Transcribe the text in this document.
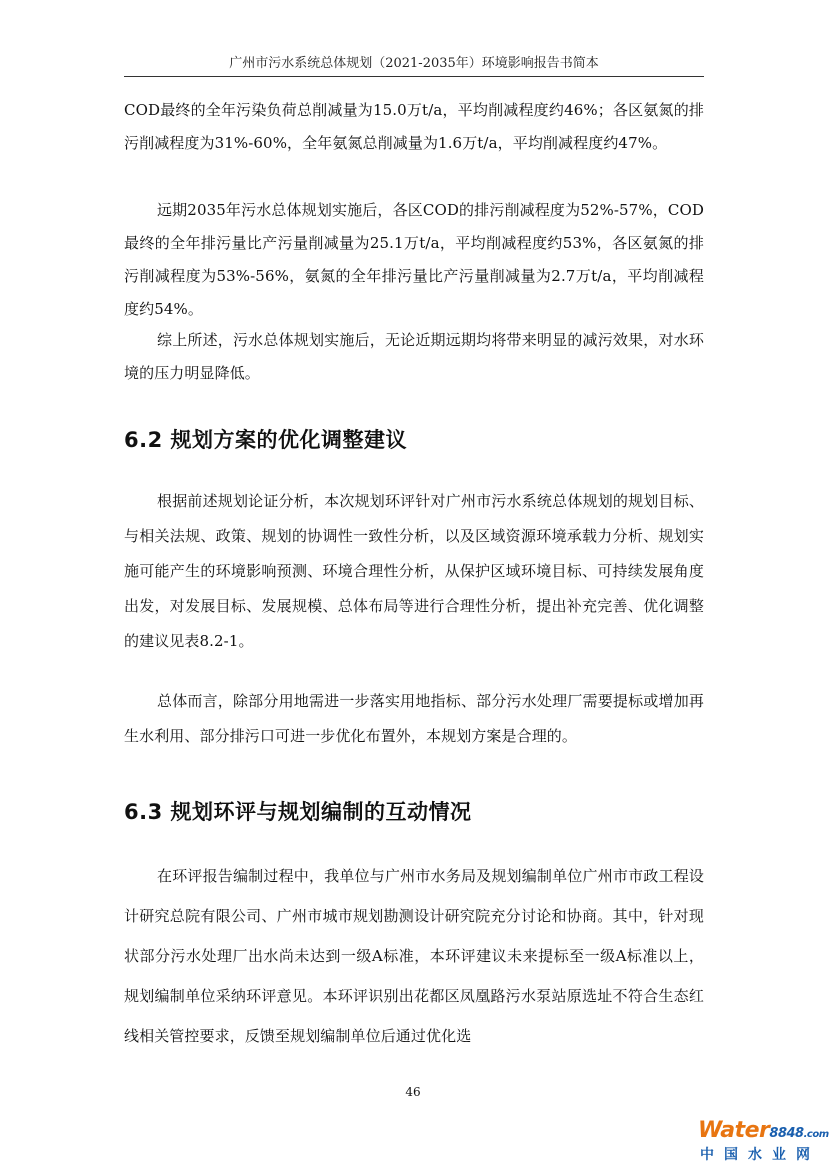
广州市污水系统总体规划（2021-2035年）环境影响报告书简本

COD最终的全年污染负荷总削减量为15.0万t/a，平均削减程度约46%；各区氨氮的排污削减程度为31%-60%，全年氨氮总削减量为1.6万t/a，平均削减程度约47%。

远期2035年污水总体规划实施后，各区COD的排污削减程度为52%-57%，COD最终的全年排污量比产污量削减量为25.1万t/a，平均削减程度约53%，各区氨氮的排污削减程度为53%-56%，氨氮的全年排污量比产污量削减量为2.7万t/a，平均削减程度约54%。

综上所述，污水总体规划实施后，无论近期远期均将带来明显的减污效果，对水环境的压力明显降低。

6.2 规划方案的优化调整建议

根据前述规划论证分析，本次规划环评针对广州市污水系统总体规划的规划目标、与相关法规、政策、规划的协调性一致性分析，以及区域资源环境承载力分析、规划实施可能产生的环境影响预测、环境合理性分析，从保护区域环境目标、可持续发展角度出发，对发展目标、发展规模、总体布局等进行合理性分析，提出补充完善、优化调整的建议见表8.2-1。

总体而言，除部分用地需进一步落实用地指标、部分污水处理厂需要提标或增加再生水利用、部分排污口可进一步优化布置外，本规划方案是合理的。

6.3 规划环评与规划编制的互动情况

在环评报告编制过程中，我单位与广州市水务局及规划编制单位广州市市政工程设计研究总院有限公司、广州市城市规划勘测设计研究院充分讨论和协商。其中，针对现状部分污水处理厂出水尚未达到一级A标准，本环评建议未来提标至一级A标准以上，规划编制单位采纳环评意见。本环评识别出花都区凤凰路污水泵站原选址不符合生态红线相关管控要求，反馈至规划编制单位后通过优化选

46
Water8848.com
中国水业网
